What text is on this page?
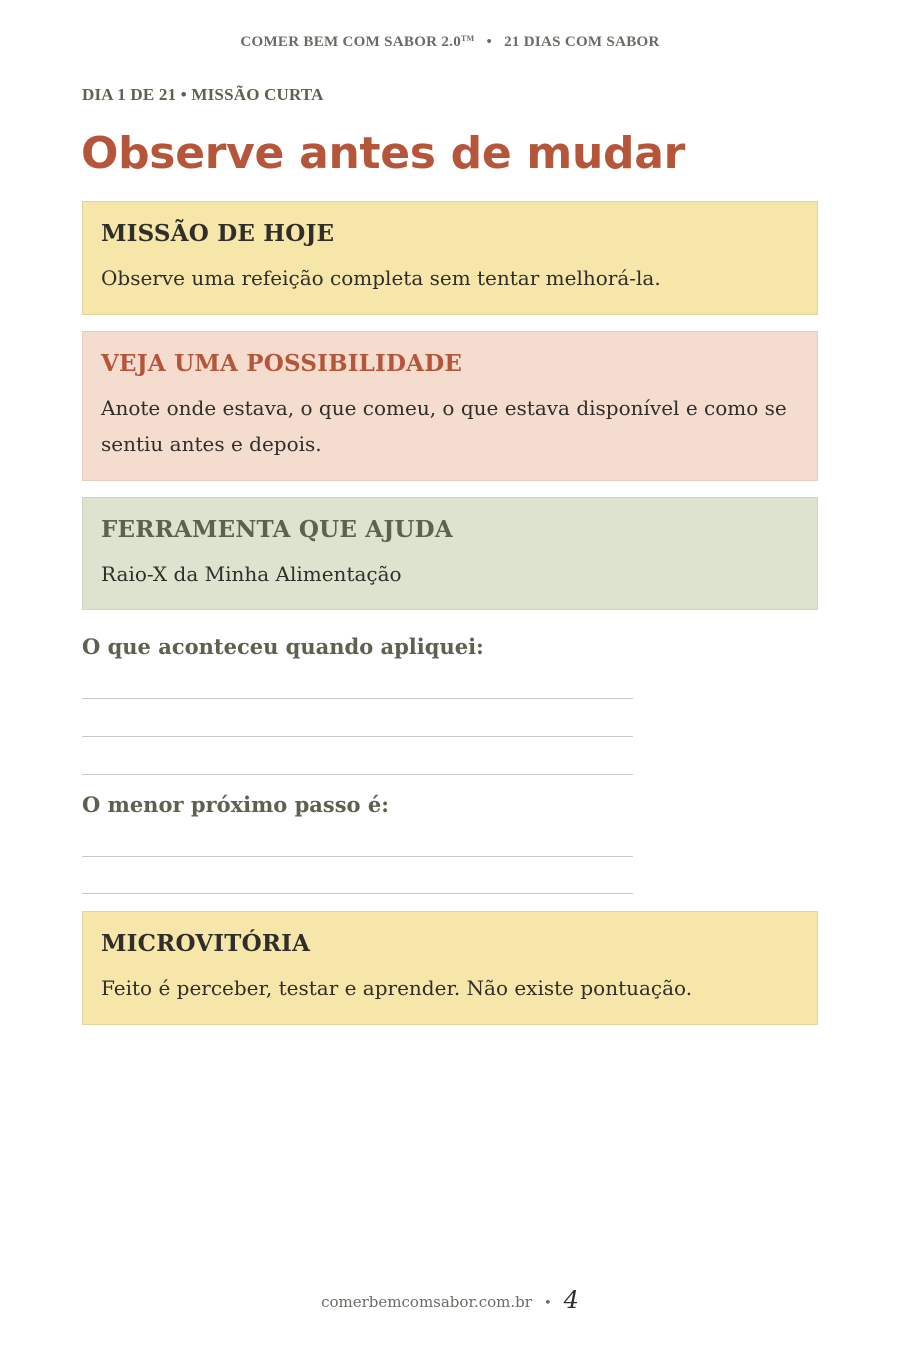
COMER BEM COM SABOR 2.0™ • 21 DIAS COM SABOR
DIA 1 DE 21 • MISSÃO CURTA
Observe antes de mudar
MISSÃO DE HOJE
Observe uma refeição completa sem tentar melhorá-la.
VEJA UMA POSSIBILIDADE
Anote onde estava, o que comeu, o que estava disponível e como se sentiu antes e depois.
FERRAMENTA QUE AJUDA
Raio-X da Minha Alimentação
O que aconteceu quando apliquei:
O menor próximo passo é:
MICROVITÓRIA
Feito é perceber, testar e aprender. Não existe pontuação.
comerbemcomsabor.com.br • 4
